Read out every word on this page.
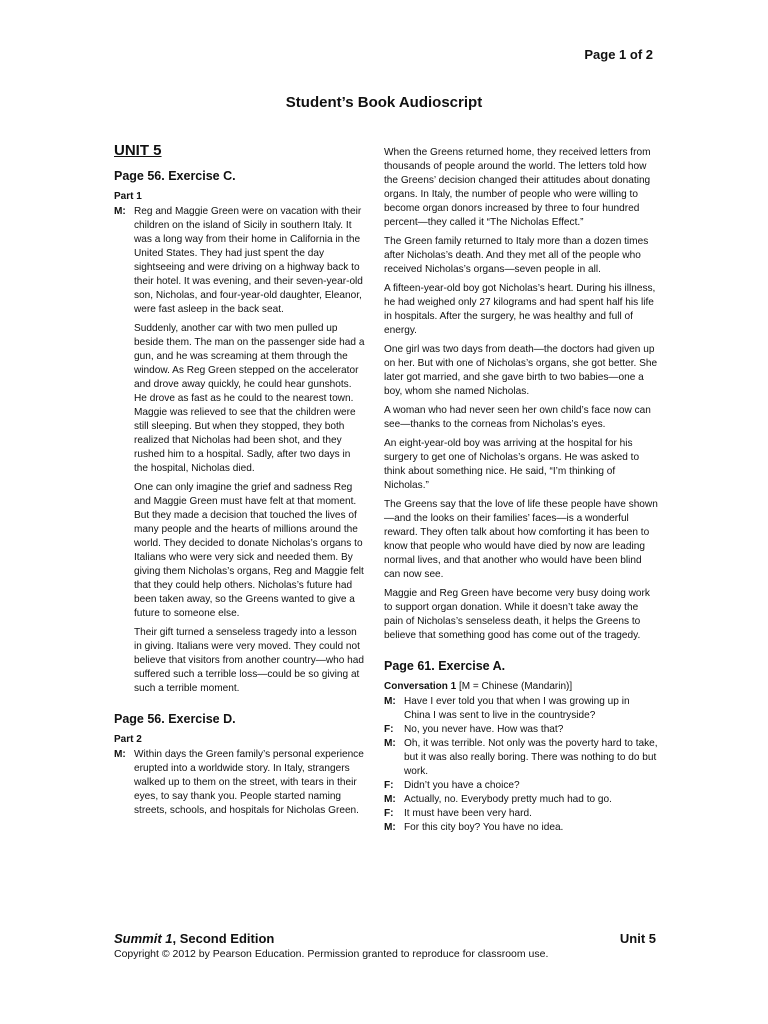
Page 1 of 2
Student’s Book Audioscript
UNIT 5
Page 56. Exercise C.
Part 1
M: Reg and Maggie Green were on vacation with their children on the island of Sicily in southern Italy. It was a long way from their home in California in the United States. They had just spent the day sightseeing and were driving on a highway back to their hotel. It was evening, and their seven-year-old son, Nicholas, and four-year-old daughter, Eleanor, were fast asleep in the back seat.

Suddenly, another car with two men pulled up beside them. The man on the passenger side had a gun, and he was screaming at them through the window. As Reg Green stepped on the accelerator and drove away quickly, he could hear gunshots. He drove as fast as he could to the nearest town. Maggie was relieved to see that the children were still sleeping. But when they stopped, they both realized that Nicholas had been shot, and they rushed him to a hospital. Sadly, after two days in the hospital, Nicholas died.

One can only imagine the grief and sadness Reg and Maggie Green must have felt at that moment. But they made a decision that touched the lives of many people and the hearts of millions around the world. They decided to donate Nicholas’s organs to Italians who were very sick and needed them. By giving them Nicholas’s organs, Reg and Maggie felt that they could help others. Nicholas’s future had been taken away, so the Greens wanted to give a future to someone else.

Their gift turned a senseless tragedy into a lesson in giving. Italians were very moved. They could not believe that visitors from another country—who had suffered such a terrible loss—could be so giving at such a terrible moment.

Page 56. Exercise D.
Part 2
M: Within days the Green family’s personal experience erupted into a worldwide story. In Italy, strangers walked up to them on the street, with tears in their eyes, to say thank you. People started naming streets, schools, and hospitals for Nicholas Green.

When the Greens returned home, they received letters from thousands of people around the world. The letters told how the Greens’ decision changed their attitudes about donating organs. In Italy, the number of people who were willing to become organ donors increased by three to four hundred percent—they called it “The Nicholas Effect.”

The Green family returned to Italy more than a dozen times after Nicholas’s death. And they met all of the people who received Nicholas’s organs—seven people in all.

A fifteen-year-old boy got Nicholas’s heart. During his illness, he had weighed only 27 kilograms and had spent half his life in hospitals. After the surgery, he was healthy and full of energy.

One girl was two days from death—the doctors had given up on her. But with one of Nicholas’s organs, she got better. She later got married, and she gave birth to two babies—one a boy, whom she named Nicholas.

A woman who had never seen her own child’s face now can see—thanks to the corneas from Nicholas’s eyes.

An eight-year-old boy was arriving at the hospital for his surgery to get one of Nicholas’s organs. He was asked to think about something nice. He said, “I’m thinking of Nicholas.”

The Greens say that the love of life these people have shown—and the looks on their families’ faces—is a wonderful reward. They often talk about how comforting it has been to know that people who would have died by now are leading normal lives, and that another who would have been blind can now see.

Maggie and Reg Green have become very busy doing work to support organ donation. While it doesn’t take away the pain of Nicholas’s senseless death, it helps the Greens to believe that something good has come out of the tragedy.

Page 61. Exercise A.
Conversation 1 [M = Chinese (Mandarin)]
M: Have I ever told you that when I was growing up in China I was sent to live in the countryside?
F:	No, you never have. How was that?
M: Oh, it was terrible. Not only was the poverty hard to take, but it was also really boring. There was nothing to do but work.
F:	Didn’t you have a choice?
M: Actually, no. Everybody pretty much had to go.
F:	It must have been very hard.
M: For this city boy? You have no idea.
Summit 1, Second Edition	Unit 5
Copyright © 2012 by Pearson Education. Permission granted to reproduce for classroom use.
